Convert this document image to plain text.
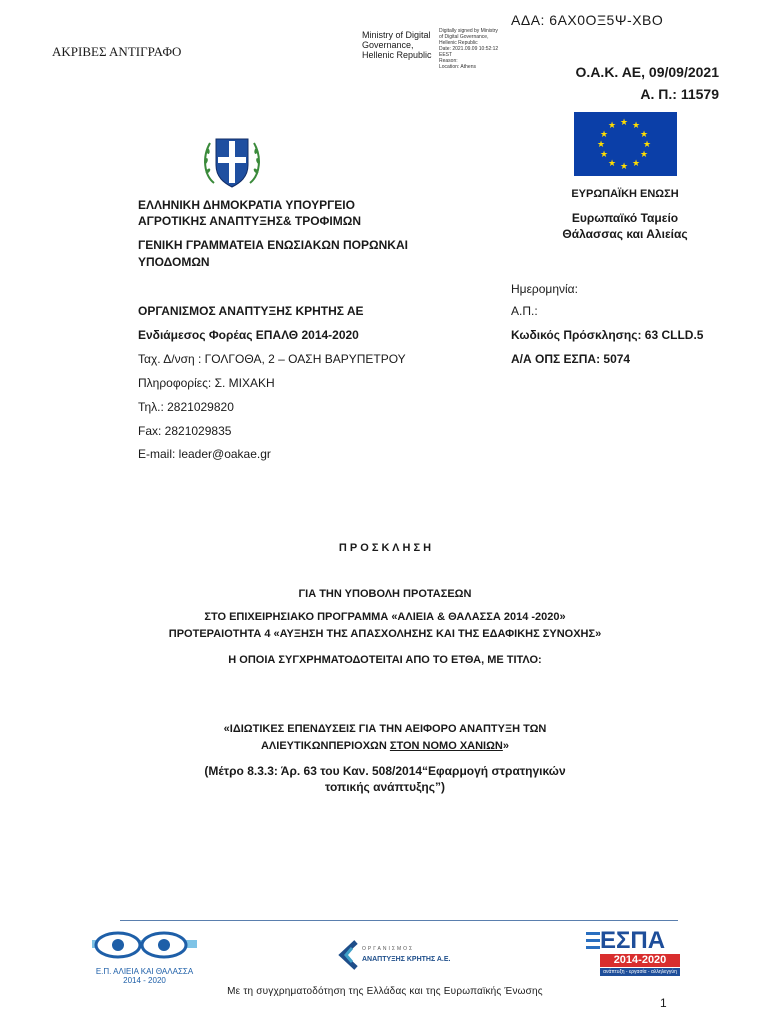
ΑΔΑ: 6ΑΧ0ΟΞ5Ψ-ΧΒΟ
ΑΚΡΙΒΕΣ ΑΝΤΙΓΡΑΦΟ
Ministry of Digital
Governance,
Hellenic Republic
Digitally signed by Ministry
of Digital Governance,
Hellenic Republic
Date: 2021.09.09 10:52:12
EEST
Reason:
Location: Athens	Ο.Α.Κ. ΑΕ, 09/09/2021
Α. Π.: 11579
★ ★
★
★
★
★
★
★
★
★
★
★
ΕΥΡΩΠΑΪΚΗ ΕΝΩΣΗ
Ευρωπαϊκό Ταμείο
Θάλασσας και Αλιείας
ΕΛΛΗΝΙΚΗ ΔΗΜΟΚΡΑΤΙΑ ΥΠΟΥΡΓΕΙΟ
ΑΓΡΟΤΙΚΗΣ ΑΝΑΠΤΥΞΗΣ& ΤΡΟΦΙΜΩΝ
ΓΕΝΙΚΗ ΓΡΑΜΜΑΤΕΙΑ ΕΝΩΣΙΑΚΩΝ ΠΟΡΩΝΚΑΙ
ΥΠΟΔΟΜΩΝ
Ημερομηνία:
ΟΡΓΑΝΙΣΜΟΣ ΑΝΑΠΤΥΞΗΣ ΚΡΗΤΗΣ ΑΕ	Α.Π.:
Ενδιάμεσος Φορέας ΕΠΑΛΘ 2014-2020	Κωδικός Πρόσκλησης: 63 CLLD.5
Ταχ. Δ/νση : ΓΟΛΓΟΘΑ, 2 – ΟΑΣΗ ΒΑΡΥΠΕΤΡΟΥ	Α/Α ΟΠΣ ΕΣΠΑ: 5074
Πληροφορίες: Σ. ΜΙΧΑΚΗ
Τηλ.: 2821029820
Fax: 2821029835
E-mail: leader@oakae.gr
Π Ρ Ο Σ Κ Λ Η Σ Η
ΓΙΑ ΤΗΝ ΥΠΟΒΟΛΗ ΠΡΟΤΑΣΕΩΝ
ΣΤΟ ΕΠΙΧΕΙΡΗΣΙΑΚΟ ΠΡΟΓΡΑΜΜΑ «ΑΛΙΕΙΑ & ΘΑΛΑΣΣΑ 2014 -2020»
ΠΡΟΤΕΡΑΙΟΤΗΤΑ 4 «ΑΥΞΗΣΗ ΤΗΣ ΑΠΑΣΧΟΛΗΣΗΣ ΚΑΙ ΤΗΣ ΕΔΑΦΙΚΗΣ ΣΥΝΟΧΗΣ»
Η ΟΠΟΙΑ ΣΥΓΧΡΗΜΑΤΟΔΟΤΕΙΤΑΙ ΑΠΟ ΤΟ ΕΤΘΑ, ΜΕ ΤΙΤΛΟ:
«ΙΔΙΩΤΙΚΕΣ ΕΠΕΝΔΥΣΕΙΣ ΓΙΑ ΤΗΝ ΑΕΙΦΟΡΟ ΑΝΑΠΤΥΞΗ ΤΩΝ
ΑΛΙΕΥΤΙΚΩΝΠΕΡΙΟΧΩΝ ΣΤΟΝ ΝΟΜΟ ΧΑΝΙΩΝ»
(Μέτρο 8.3.3: Άρ. 63 του Καν. 508/2014“Εφαρμογή στρατηγικών
τοπικής ανάπτυξης”)
Ε.Π. ΑΛΙΕΙΑ ΚΑΙ ΘΑΛΑΣΣΑ
2014 - 2020
ΟΡΓΑΝΙΣΜΟΣ
ΑΝΑΠΤΥΞΗΣ ΚΡΗΤΗΣ Α.Ε.
ΕΣΠΑ
2014-2020
ανάπτυξη - εργασία - αλληλεγγύη
Με τη συγχρηματοδότηση της Ελλάδας και της Ευρωπαϊκής Ένωσης
1
